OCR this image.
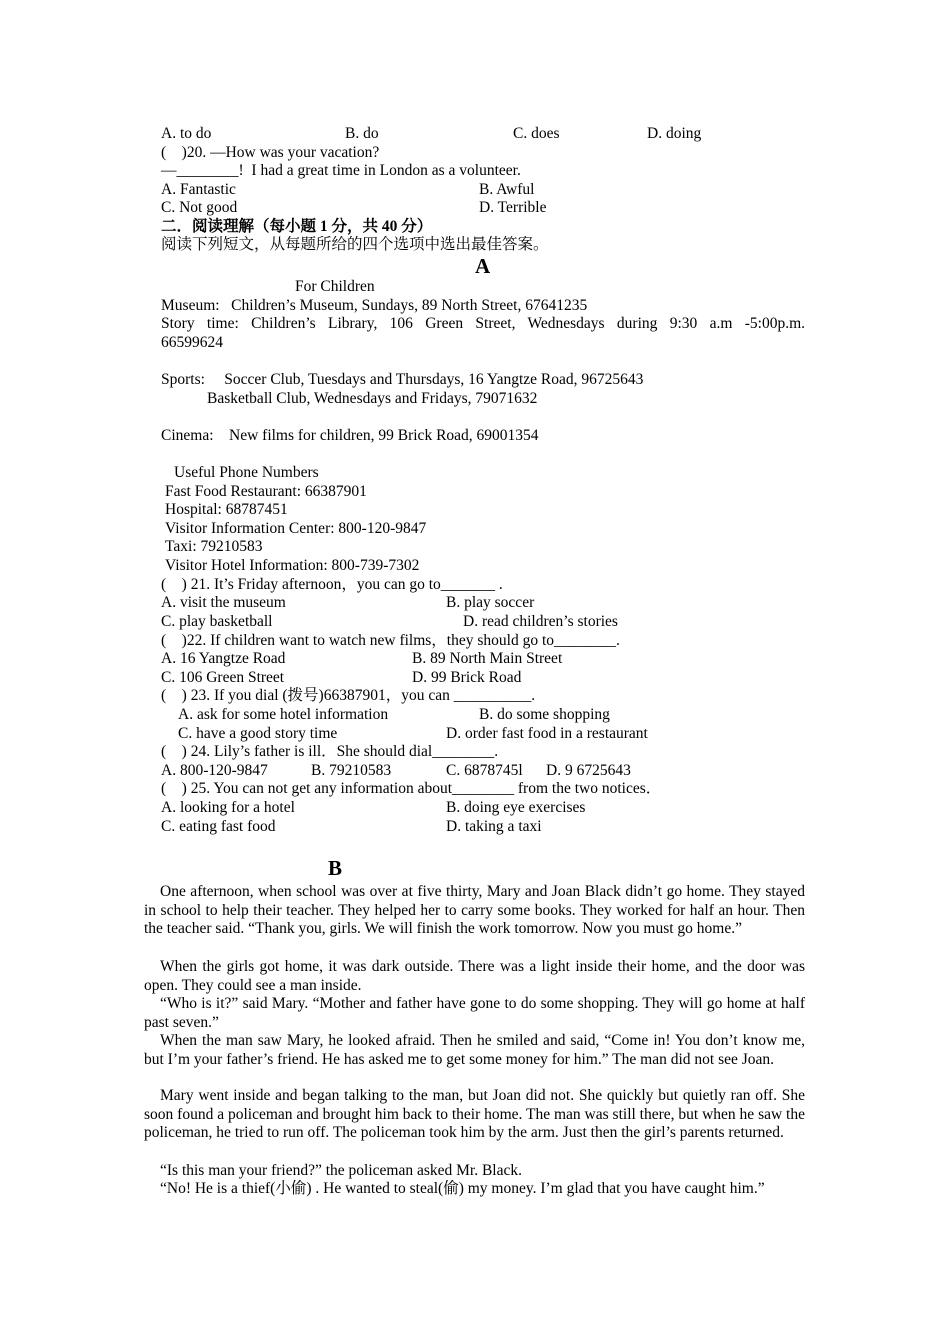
A. to do	B. do	C. does	D. doing
(    )20. —How was your vacation?
—________!  I had a great time in London as a volunteer.
A. Fantastic	B. Awful
C. Not good	D. Terrible
二．阅读理解（每小题 1 分，共 40 分）
阅读下列短文，从每题所给的四个选项中选出最佳答案。
A
For Children
Museum:   Children’s Museum, Sundays, 89 North Street, 67641235
Story time: Children’s Library, 106 Green Street, Wednesdays during 9:30 a.m -5:00p.m.
66599624
Sports:     Soccer Club, Tuesdays and Thursdays, 16 Yangtze Road, 96725643
Basketball Club, Wednesdays and Fridays, 79071632
Cinema:    New films for children, 99 Brick Road, 69001354
Useful Phone Numbers
Fast Food Restaurant: 66387901
Hospital: 68787451
Visitor Information Center: 800-120-9847
Taxi: 79210583
Visitor Hotel Information: 800-739-7302
(    ) 21. It’s Friday afternoon，you can go to_______ .
A. visit the museum	B. play soccer
C. play basketball	D. read children’s stories
(    )22. If children want to watch new films，they should go to________.
A. 16 Yangtze Road	B. 89 North Main Street
C. 106 Green Street	D. 99 Brick Road
(    ) 23. If you dial (拨号)66387901，you can __________.
A. ask for some hotel information	B. do some shopping
C. have a good story time	D. order fast food in a restaurant
(    ) 24. Lily’s father is ill．She should dial________.
A. 800-120-9847	B. 79210583	C. 6878745l D. 9 6725643
(    ) 25. You can not get any information about________ from the two notices．
A. looking for a hotel	B. doing eye exercises
C. eating fast food	D. taking a taxi
B
One afternoon, when school was over at five thirty, Mary and Joan Black didn’t go home. They stayed in school to help their teacher. They helped her to carry some books. They worked for half an hour. Then the teacher said. “Thank you, girls. We will finish the work tomorrow. Now you must go home.”
When the girls got home, it was dark outside. There was a light inside their home, and the door was open. They could see a man inside.
“Who is it?” said Mary. “Mother and father have gone to do some shopping. They will go home at half past seven.”
When the man saw Mary, he looked afraid. Then he smiled and said, “Come in! You don’t know me, but I’m your father’s friend. He has asked me to get some money for him.” The man did not see Joan.
Mary went inside and began talking to the man, but Joan did not. She quickly but quietly ran off. She soon found a policeman and brought him back to their home. The man was still there, but when he saw the policeman, he tried to run off. The policeman took him by the arm. Just then the girl’s parents returned.
“Is this man your friend?” the policeman asked Mr. Black.
“No! He is a thief(小偷) . He wanted to steal(偷) my money. I’m glad that you have caught him.”
